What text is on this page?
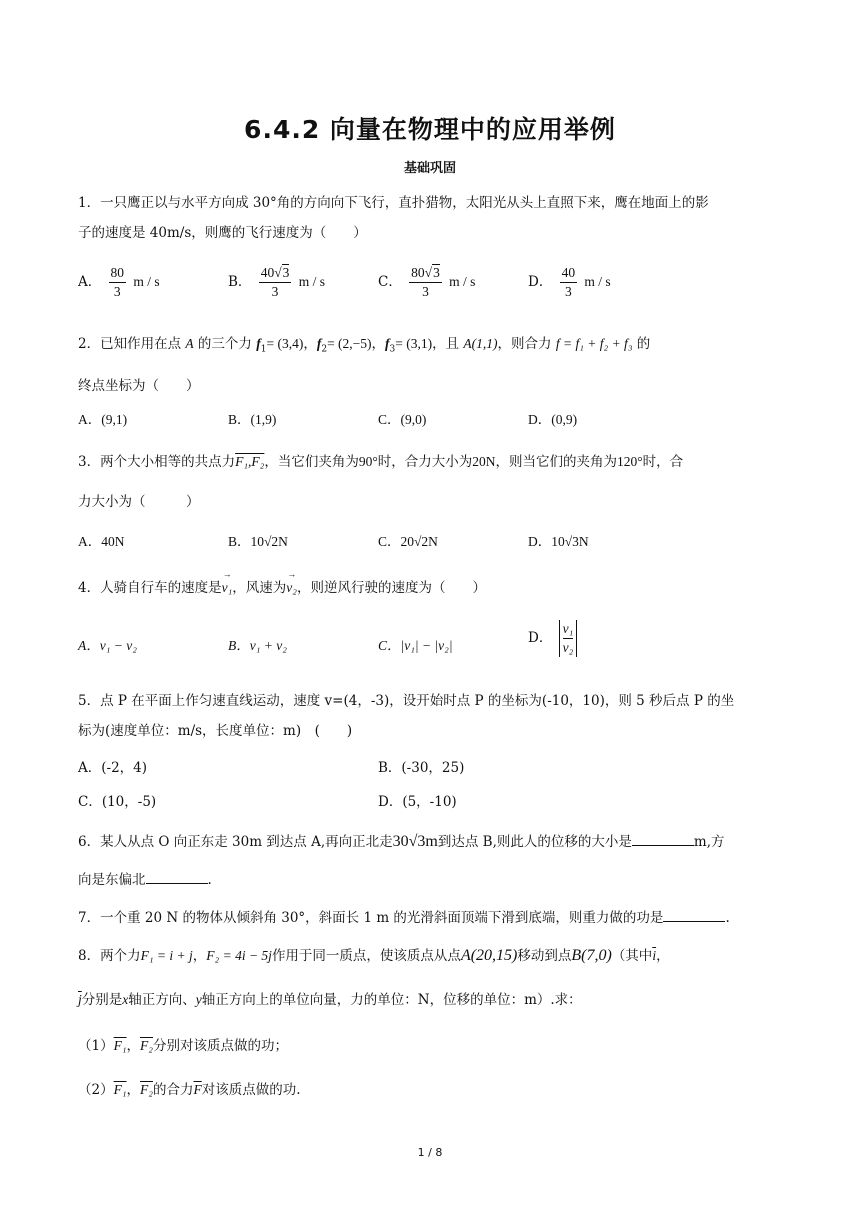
6.4.2 向量在物理中的应用举例
基础巩固
1．一只鹰正以与水平方向成 30°角的方向向下飞行，直扑猎物，太阳光从头上直照下来，鹰在地面上的影
子的速度是 40m/s，则鹰的飞行速度为（　　）
A． $\frac{80}{3}$ m / s	B． $\frac{40√3}{3}$ m / s	C． $\frac{80√3}{3}$ m / s	D． $\frac{40}{3}$ m / s
2．已知作用在点 A 的三个力 $f_1= (3,4)$，$f_2= (2,-5)$，$f_3= (3,1)$，且 A(1,1)，则合力 f = f₁ + f₂ + f₃ 的
终点坐标为（　　）
A．(9,1)	B．(1,9)	C．(9,0)	D．(0,9)
3．两个大小相等的共点力F₁,F₂，当它们夹角为90°时，合力大小为20N，则当它们的夹角为120°时，合
力大小为（　　　）
A．40N	B．10√2N	C．20√2N	D．10√3N
4．人骑自行车的速度是→ v₁，风速为→ v₂，则逆风行驶的速度为（　　）
A．v₁ − v₂	B．v₁ + v₂	C．|v₁| − |v₂|	D． $\frac{\text{v₁}}{\text{v₂}}$
5．点 P 在平面上作匀速直线运动，速度 v=(4，-3)，设开始时点 P 的坐标为(-10，10)，则 5 秒后点 P 的坐
标为(速度单位：m/s，长度单位：m)　(　　)
A．(-2，4)	B．(-30，25)
C．(10，-5)	D．(5，-10)
6．某人从点 O 向正东走 30m 到达点 A,再向正北走30√3m到达点 B,则此人的位移的大小是	m,方
向是东偏北	.
7．一个重 20 N 的物体从倾斜角 30°，斜面长 1 m 的光滑斜面顶端下滑到底端，则重力做的功是	.
8．两个力F₁ = i + j，F₂ = 4i − 5j作用于同一质点，使该质点从点A(20,15)移动到点B(7,0)（其中$\overline{i}$，
$\overline{j}$分别是x轴正方向、y轴正方向上的单位向量，力的单位：N，位移的单位：m）.求：
（1）F₁，F₂分别对该质点做的功；
（2）F₁，F₂的合力$\overline{F}$对该质点做的功.
1 / 8
